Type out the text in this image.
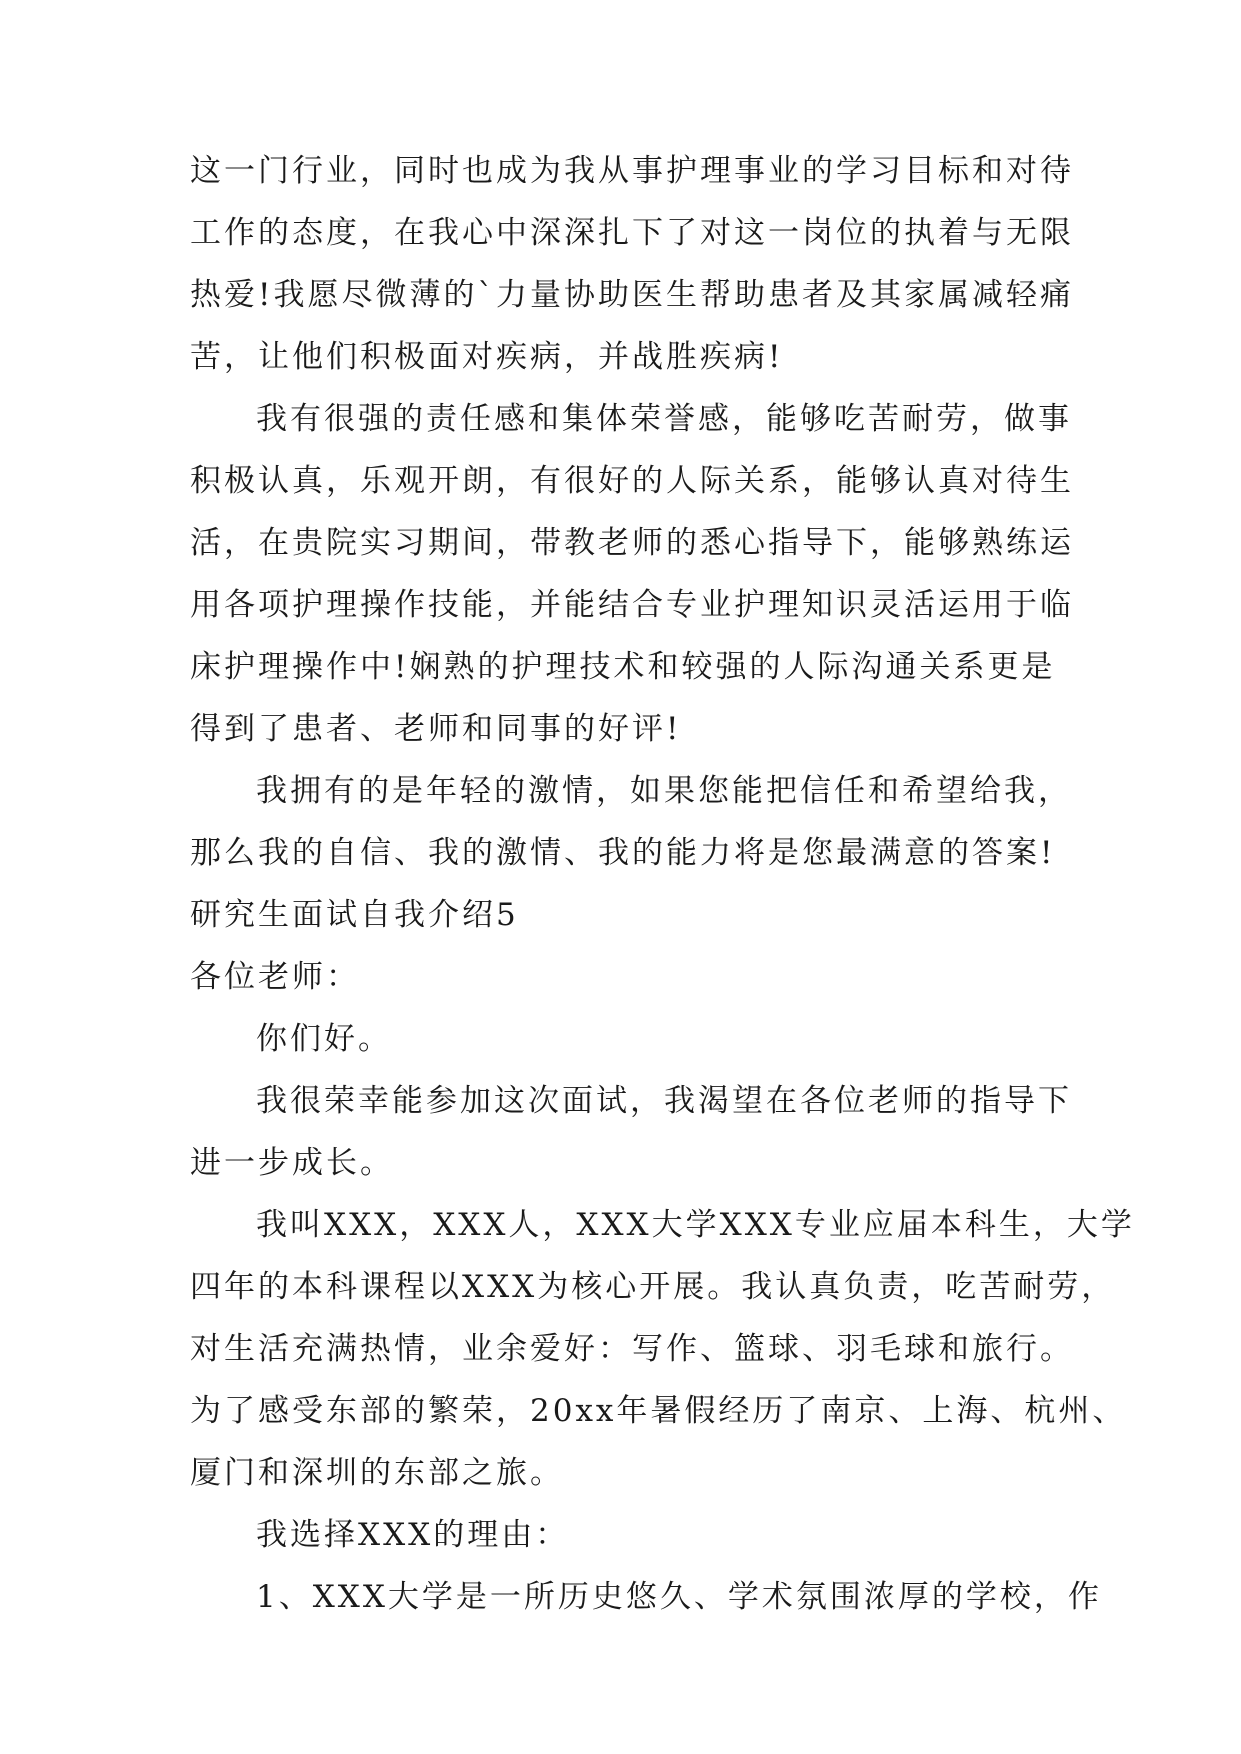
这一门行业，同时也成为我从事护理事业的学习目标和对待
工作的态度，在我心中深深扎下了对这一岗位的执着与无限
热爱!我愿尽微薄的`力量协助医生帮助患者及其家属减轻痛
苦，让他们积极面对疾病，并战胜疾病!
我有很强的责任感和集体荣誉感，能够吃苦耐劳，做事
积极认真，乐观开朗，有很好的人际关系，能够认真对待生
活，在贵院实习期间，带教老师的悉心指导下，能够熟练运
用各项护理操作技能，并能结合专业护理知识灵活运用于临
床护理操作中!娴熟的护理技术和较强的人际沟通关系更是
得到了患者、老师和同事的好评!
我拥有的是年轻的激情，如果您能把信任和希望给我，
那么我的自信、我的激情、我的能力将是您最满意的答案!
研究生面试自我介绍5
各位老师：
你们好。
我很荣幸能参加这次面试，我渴望在各位老师的指导下
进一步成长。
我叫XXX，XXX人，XXX大学XXX专业应届本科生，大学
四年的本科课程以XXX为核心开展。我认真负责，吃苦耐劳，
对生活充满热情，业余爱好：写作、篮球、羽毛球和旅行。
为了感受东部的繁荣，20xx年暑假经历了南京、上海、杭州、
厦门和深圳的东部之旅。
我选择XXX的理由：
1、XXX大学是一所历史悠久、学术氛围浓厚的学校，作
